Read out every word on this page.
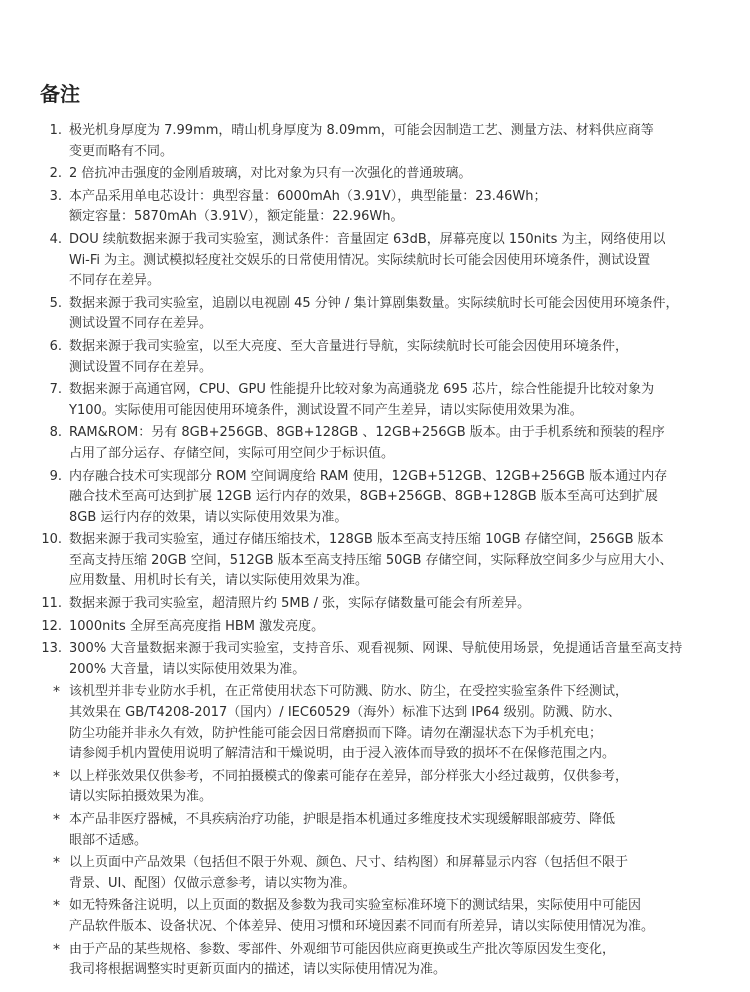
备注
1. 极光机身厚度为 7.99mm，晴山机身厚度为 8.09mm，可能会因制造工艺、测量方法、材料供应商等
变更而略有不同。
2. 2 倍抗冲击强度的金刚盾玻璃，对比对象为只有一次强化的普通玻璃。
3. 本产品采用单电芯设计：典型容量：6000mAh（3.91V），典型能量：23.46Wh；
额定容量：5870mAh（3.91V），额定能量：22.96Wh。
4. DOU 续航数据来源于我司实验室，测试条件：音量固定 63dB，屏幕亮度以 150nits 为主，网络使用以
Wi-Fi 为主。测试模拟轻度社交娱乐的日常使用情况。实际续航时长可能会因使用环境条件，测试设置
不同存在差异。
5. 数据来源于我司实验室，追剧以电视剧 45 分钟 / 集计算剧集数量。实际续航时长可能会因使用环境条件，
测试设置不同存在差异。
6. 数据来源于我司实验室，以至大亮度、至大音量进行导航，实际续航时长可能会因使用环境条件，
测试设置不同存在差异。
7. 数据来源于高通官网，CPU、GPU 性能提升比较对象为高通骁龙 695 芯片，综合性能提升比较对象为
Y100。实际使用可能因使用环境条件，测试设置不同产生差异，请以实际使用效果为准。
8. RAM&ROM：另有 8GB+256GB、8GB+128GB 、12GB+256GB 版本。由于手机系统和预装的程序
占用了部分运存、存储空间，实际可用空间少于标识值。
9. 内存融合技术可实现部分 ROM 空间调度给 RAM 使用，12GB+512GB、12GB+256GB 版本通过内存
融合技术至高可达到扩展 12GB 运行内存的效果，8GB+256GB、8GB+128GB 版本至高可达到扩展
8GB 运行内存的效果，请以实际使用效果为准。
10. 数据来源于我司实验室，通过存储压缩技术，128GB 版本至高支持压缩 10GB 存储空间，256GB 版本
至高支持压缩 20GB 空间，512GB 版本至高支持压缩 50GB 存储空间，实际释放空间多少与应用大小、
应用数量、用机时长有关，请以实际使用效果为准。
11. 数据来源于我司实验室，超清照片约 5MB / 张，实际存储数量可能会有所差异。
12. 1000nits 全屏至高亮度指 HBM 激发亮度。
13. 300% 大音量数据来源于我司实验室，支持音乐、观看视频、网课、导航使用场景，免提通话音量至高支持
200% 大音量，请以实际使用效果为准。
* 该机型并非专业防水手机，在正常使用状态下可防溅、防水、防尘，在受控实验室条件下经测试，
其效果在 GB/T4208-2017（国内）/ IEC60529（海外）标准下达到 IP64 级别。防溅、防水、
防尘功能并非永久有效，防护性能可能会因日常磨损而下降。请勿在潮湿状态下为手机充电；
请参阅手机内置使用说明了解清洁和干燥说明，由于浸入液体而导致的损坏不在保修范围之内。
* 以上样张效果仅供参考，不同拍摄模式的像素可能存在差异，部分样张大小经过裁剪，仅供参考，
请以实际拍摄效果为准。
* 本产品非医疗器械，不具疾病治疗功能，护眼是指本机通过多维度技术实现缓解眼部疲劳、降低
眼部不适感。
* 以上页面中产品效果（包括但不限于外观、颜色、尺寸、结构图）和屏幕显示内容（包括但不限于
背景、UI、配图）仅做示意参考，请以实物为准。
* 如无特殊备注说明，以上页面的数据及参数为我司实验室标准环境下的测试结果，实际使用中可能因
产品软件版本、设备状况、个体差异、使用习惯和环境因素不同而有所差异，请以实际使用情况为准。
* 由于产品的某些规格、参数、零部件、外观细节可能因供应商更换或生产批次等原因发生变化，
我司将根据调整实时更新页面内的描述，请以实际使用情况为准。
